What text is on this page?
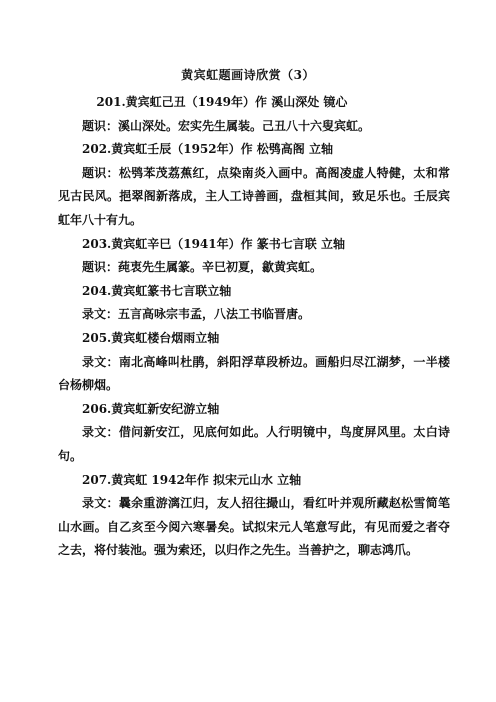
黄宾虹题画诗欣赏（3）

201.黄宾虹己丑（1949年）作 溪山深处 镜心

题识：溪山深处。宏实先生属装。己丑八十六叟宾虹。

202.黄宾虹壬辰（1952年）作 松鸮高阁 立轴

题识：松鸮苯茂荔蕉红，点染南炎入画中。高阁凌虚人特健，太和常见古民风。挹翠阁新落成，主人工诗善画，盘桓其间，致足乐也。壬辰宾虹年八十有九。

203.黄宾虹辛巳（1941年）作 篆书七言联 立轴

题识：莼衷先生属篆。辛巳初夏，歙黄宾虹。

204.黄宾虹篆书七言联立轴

录文：五言高咏宗韦孟，八法工书临晋唐。

205.黄宾虹楼台烟雨立轴

录文：南北高峰叫杜鹃，斜阳浮草段桥边。画船归尽江湖梦，一半楼台杨柳烟。

206.黄宾虹新安纪游立轴

录文：借问新安江，见底何如此。人行明镜中，鸟度屏风里。太白诗句。

207.黄宾虹 1942年作 拟宋元山水 立轴

录文：曩余重游漓江归，友人招往撮山，看红叶并观所藏赵松雪简笔山水画。自乙亥至今阅六寒暑矣。试拟宋元人笔意写此，有见而爱之者夺之去，将付装池。强为索还，以归作之先生。当善护之，聊志鸿爪。
